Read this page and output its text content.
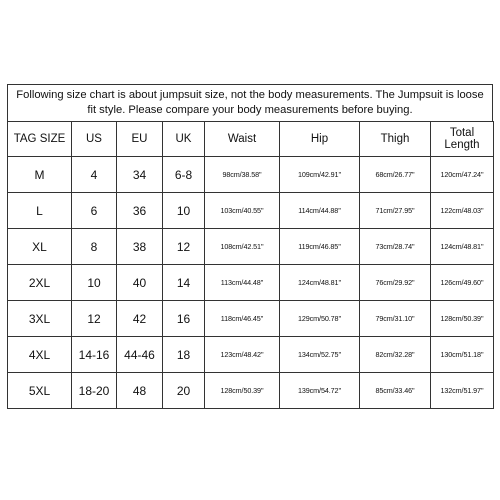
Following size chart is about jumpsuit size, not the body measurements. The Jumpsuit is loose fit style. Please compare your body measurements before buying.
TAG SIZE	US	EU	UK	Waist	Hip	Thigh	Total Length
M	4	34	6-8	98cm/38.58''	109cm/42.91''	68cm/26.77''	120cm/47.24''
L	6	36	10	103cm/40.55''	114cm/44.88''	71cm/27.95''	122cm/48.03''
XL	8	38	12	108cm/42.51''	119cm/46.85''	73cm/28.74''	124cm/48.81''
2XL	10	40	14	113cm/44.48''	124cm/48.81''	76cm/29.92''	126cm/49.60''
3XL	12	42	16	118cm/46.45''	129cm/50.78''	79cm/31.10''	128cm/50.39''
4XL	14-16	44-46	18	123cm/48.42''	134cm/52.75''	82cm/32.28''	130cm/51.18''
5XL	18-20	48	20	128cm/50.39''	139cm/54.72''	85cm/33.46''	132cm/51.97''
